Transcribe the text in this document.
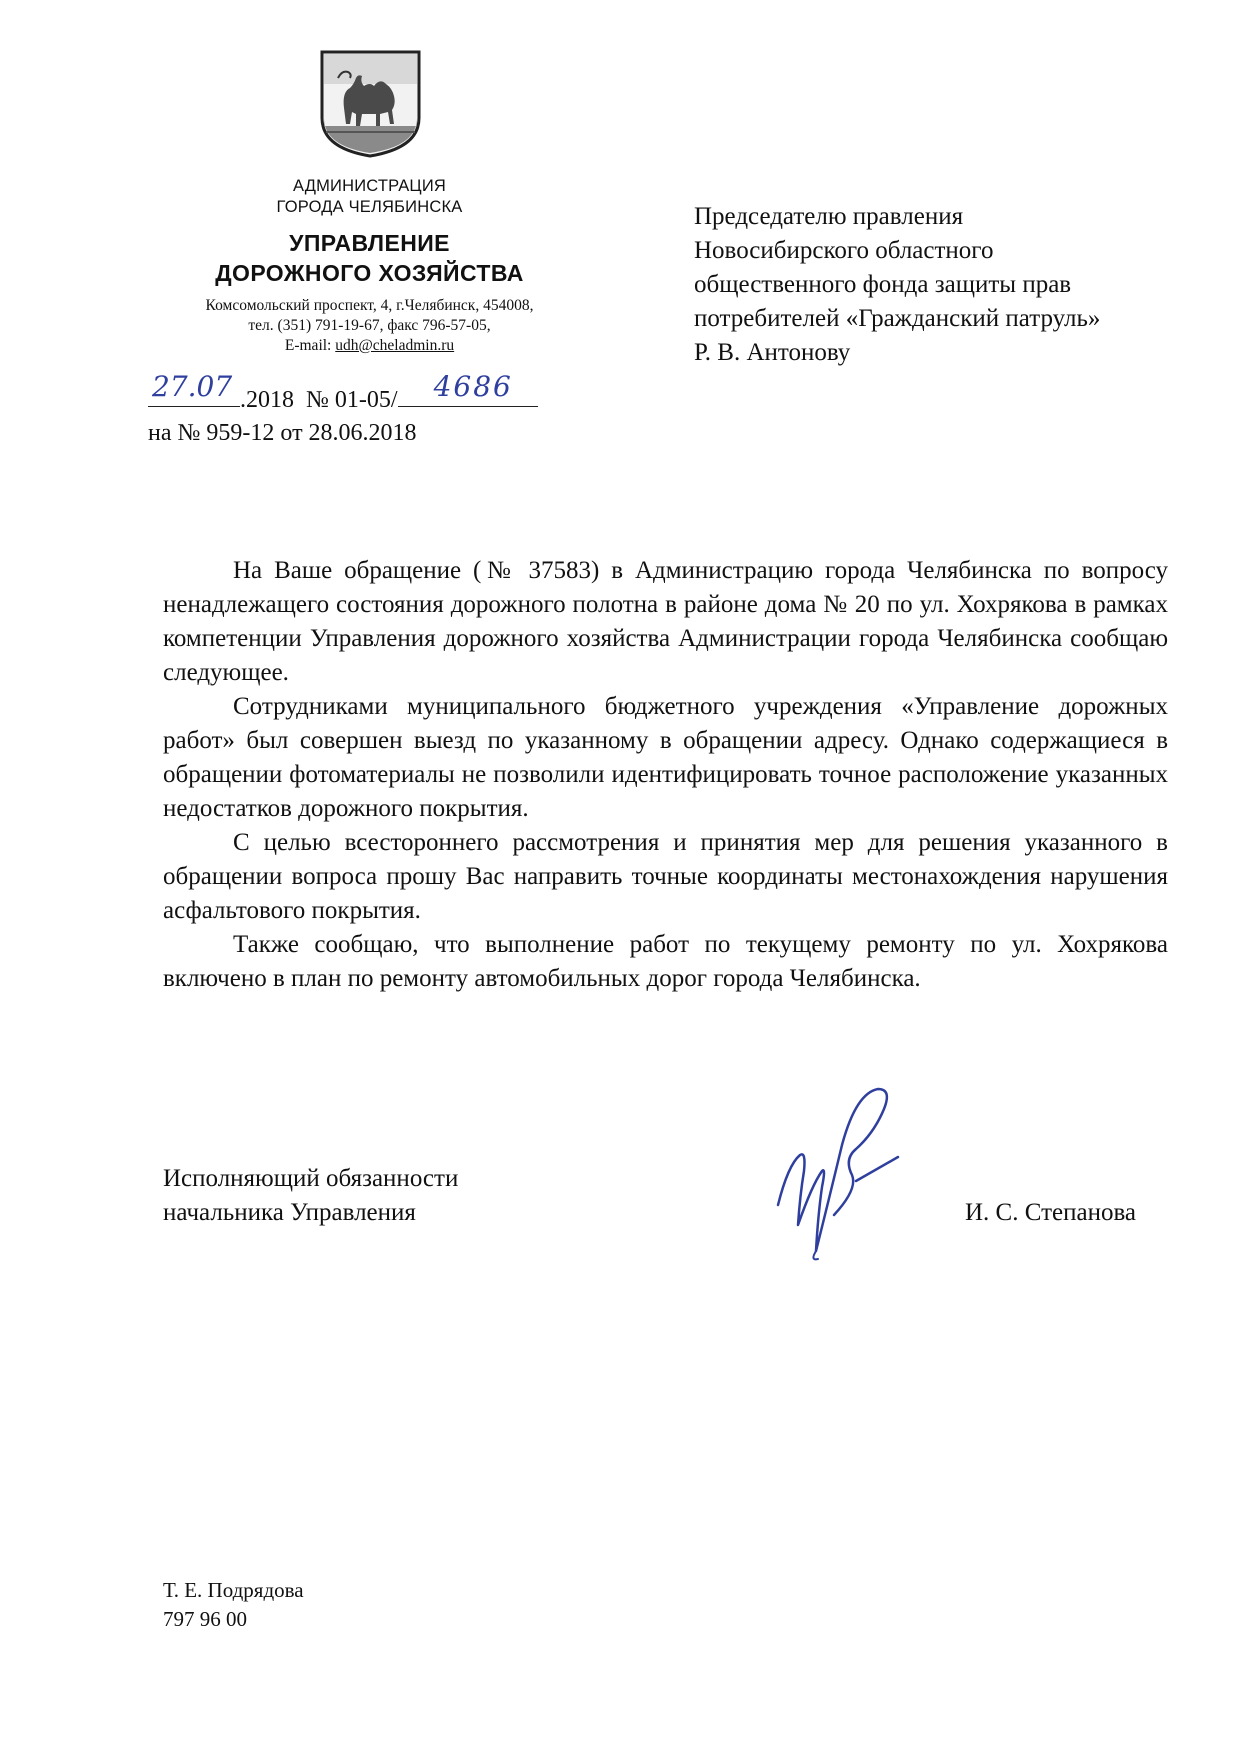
АДМИНИСТРАЦИЯ
ГОРОДА ЧЕЛЯБИНСКА
УПРАВЛЕНИЕ
ДОРОЖНОГО ХОЗЯЙСТВА
Комсомольский проспект, 4, г.Челябинск, 454008,
тел. (351) 791-19-67, факс 796-57-05,
E-mail: udh@cheladmin.ru
Председателю правления
Новосибирского областного
общественного фонда защиты прав
потребителей «Гражданский патруль»
Р. В. Антонову
27.07 .2018 № 01-05/ 4686
на № 959-12 от 28.06.2018

На Ваше обращение (№ 37583) в Администрацию города Челябинска по вопросу ненадлежащего состояния дорожного полотна в районе дома № 20 по ул. Хохрякова в рамках компетенции Управления дорожного хозяйства Администрации города Челябинска сообщаю следующее.

Сотрудниками муниципального бюджетного учреждения «Управление дорожных работ» был совершен выезд по указанному в обращении адресу. Однако содержащиеся в обращении фотоматериалы не позволили идентифицировать точное расположение указанных недостатков дорожного покрытия.

С целью всестороннего рассмотрения и принятия мер для решения указанного в обращении вопроса прошу Вас направить точные координаты местонахождения нарушения асфальтового покрытия.

Также сообщаю, что выполнение работ по текущему ремонту по ул. Хохрякова включено в план по ремонту автомобильных дорог города Челябинска.

Исполняющий обязанности
начальника Управления	И. С. Степанова
Т. Е. Подрядова
797 96 00
